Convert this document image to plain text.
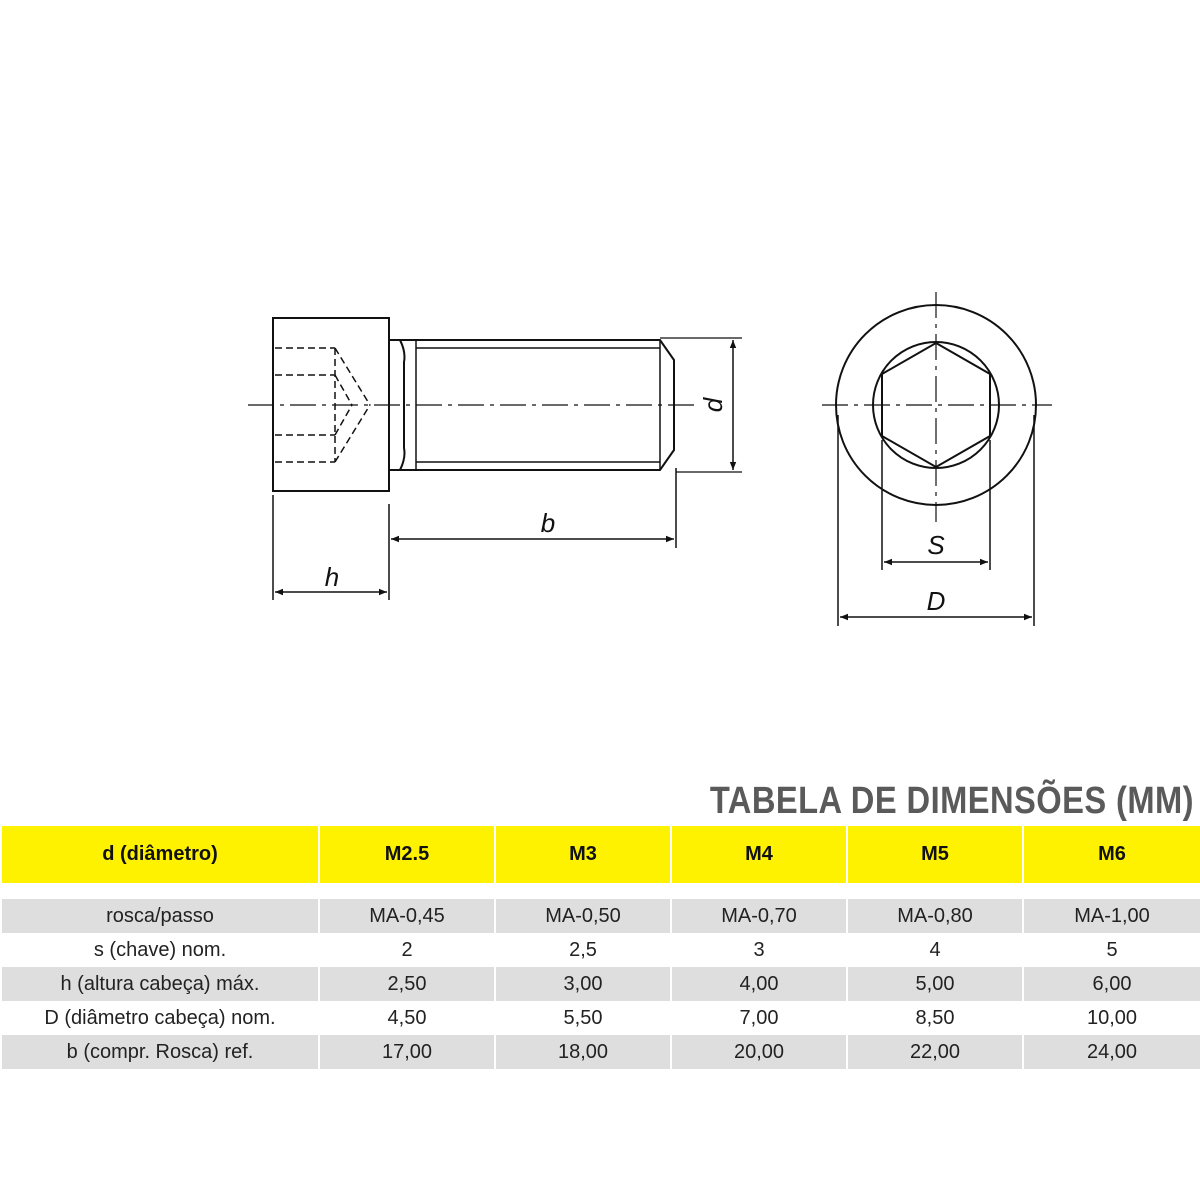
d
b
h
S
D
TABELA DE DIMENSÕES (MM)
d (diâmetro)	M2.5	M3	M4	M5	M6

rosca/passo	MA-0,45	MA-0,50	MA-0,70	MA-0,80	MA-1,00
s (chave) nom.	2	2,5	3	4	5
h (altura cabeça) máx.	2,50	3,00	4,00	5,00	6,00
D (diâmetro cabeça) nom.	4,50	5,50	7,00	8,50	10,00
b (compr. Rosca) ref.	17,00	18,00	20,00	22,00	24,00
